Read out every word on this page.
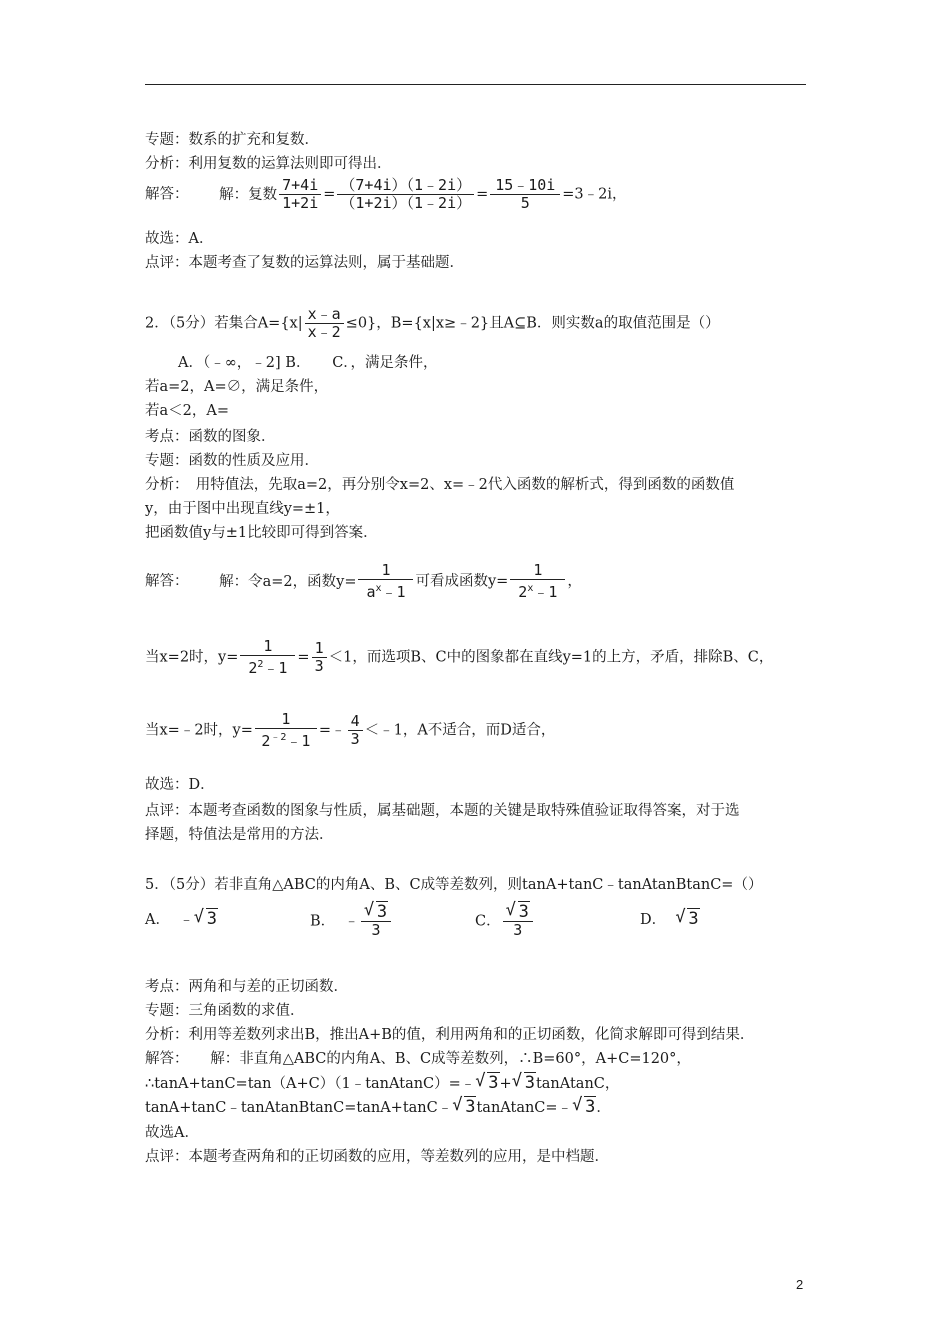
专题：数系的扩充和复数．
分析：利用复数的运算法则即可得出．
解答： 解：复数 $\frac{7+4i}{1+2i} = \frac{(7+4i)(1﹣2i)}{(1+2i)(1﹣2i)} = \frac{15﹣10i}{5}$ =3﹣2i，
故选：A．
点评：本题考查了复数的运算法则，属于基础题．
2．（5分）若集合$A=\{x| \frac{x﹣a}{x﹣2} \le 0\}$，B={x|x≥﹣2}且A⊆B．则实数a的取值范围是（）
A．（﹣∞，﹣2] B．　　C．，满足条件，
若a=2，A=∅，满足条件，
若a＜2，A=
考点：函数的图象．
专题：函数的性质及应用．
分析：　用特值法，先取a=2，再分别令x=2、x=﹣2代入函数的解析式，得到函数的函数值
y，由于图中出现直线y=±1，
把函数值y与±1比较即可得到答案．
解答： 解：令a=2，函数$y= \frac{1}{a^x﹣1}$ 可看成函数$y= \frac{1}{2^x﹣1}$ ，
当x=2时，$y= \frac{1}{2^2﹣1} = \frac{1}{3} <1$，而选项B、C中的图象都在直线y=1的上方，矛盾，排除B、C，
当x=﹣2时，$y= \frac{1}{2^{﹣2}﹣1}$ =﹣ $\frac{4}{3}$ ＜﹣1，A不适合，而D适合，
故选：D．
点评：本题考查函数的图象与性质，属基础题，本题的关键是取特殊值验证取得答案，对于选
择题，特值法是常用的方法．
5．（5分）若非直角△ABC的内角A、B、C成等差数列，则tanA+tanC﹣tanAtanBtanC=（）
A． ﹣ √ 3	B． ﹣ $\frac{√ 3}{3}$	C． $\frac{√ 3}{3}$	D． √ 3
考点：两角和与差的正切函数．
专题：三角函数的求值．
分析：利用等差数列求出B，推出A+B的值，利用两角和的正切函数，化简求解即可得到结果．
解答：　　解：非直角△ABC的内角A、B、C成等差数列，∴B=60°，A+C=120°，
∴tanA+tanC=tan（A+C）（1﹣tanAtanC）=﹣ √ 3+ √ 3tanAtanC，
tanA+tanC﹣tanAtanBtanC=tanA+tanC﹣ √ 3tanAtanC=﹣ √ 3．
故选A．
点评：本题考查两角和的正切函数的应用，等差数列的应用，是中档题．
2
